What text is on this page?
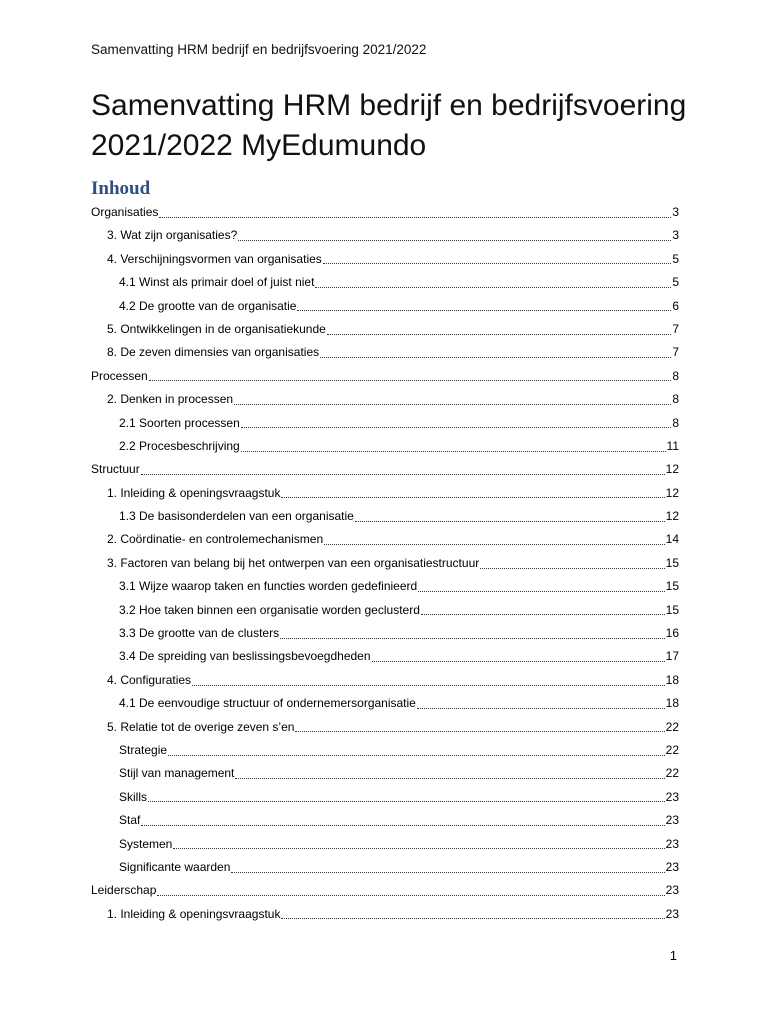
Samenvatting HRM bedrijf en bedrijfsvoering 2021/2022
Samenvatting HRM bedrijf en bedrijfsvoering 2021/2022 MyEdumundo
Inhoud
Organisaties	3
3. Wat zijn organisaties?	3
4. Verschijningsvormen van organisaties	5
4.1 Winst als primair doel of juist niet	5
4.2 De grootte van de organisatie	6
5. Ontwikkelingen in de organisatiekunde	7
8. De zeven dimensies van organisaties	7
Processen	8
2. Denken in processen	8
2.1 Soorten processen	8
2.2 Procesbeschrijving	11
Structuur	12
1. Inleiding & openingsvraagstuk	12
1.3 De basisonderdelen van een organisatie	12
2. Coördinatie- en controlemechanismen	14
3. Factoren van belang bij het ontwerpen van een organisatiestructuur	15
3.1 Wijze waarop taken en functies worden gedefinieerd	15
3.2 Hoe taken binnen een organisatie worden geclusterd	15
3.3 De grootte van de clusters	16
3.4 De spreiding van beslissingsbevoegdheden	17
4. Configuraties	18
4.1 De eenvoudige structuur of ondernemersorganisatie	18
5. Relatie tot de overige zeven s’en	22
Strategie	22
Stijl van management	22
Skills	23
Staf	23
Systemen	23
Significante waarden	23
Leiderschap	23
1. Inleiding & openingsvraagstuk	23
1
